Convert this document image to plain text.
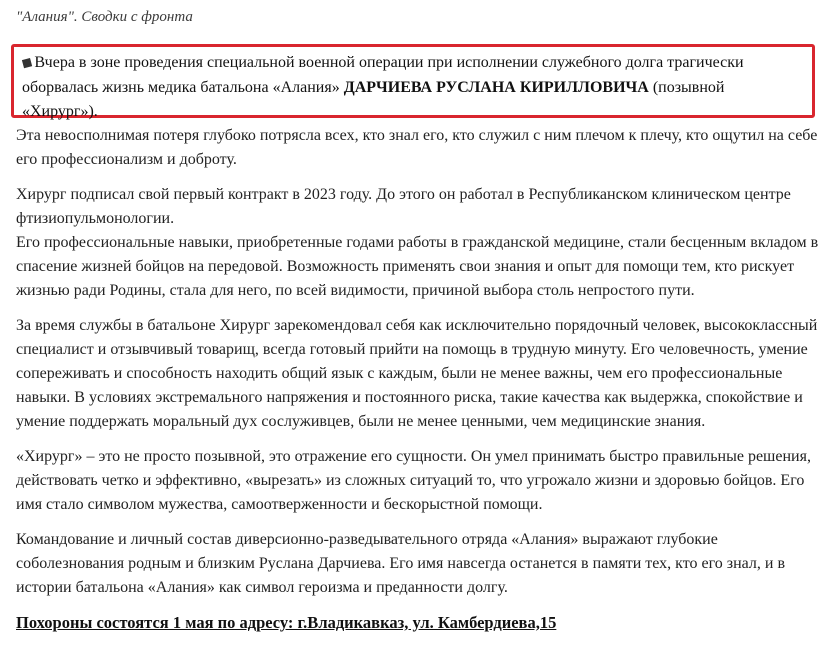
"Алания". Сводки с фронта
■Вчера в зоне проведения специальной военной операции при исполнении служебного долга трагически оборвалась жизнь медика батальона «Алания» ДАРЧИЕВА РУСЛАНА КИРИЛЛОВИЧА (позывной «Хирург»).

Эта невосполнимая потеря глубоко потрясла всех, кто знал его, кто служил с ним плечом к плечу, кто ощутил на себе его профессионализм и доброту.

Хирург подписал свой первый контракт в 2023 году. До этого он работал в Республиканском клиническом центре фтизиопульмонологии.

Его профессиональные навыки, приобретенные годами работы в гражданской медицине, стали бесценным вкладом в спасение жизней бойцов на передовой. Возможность применять свои знания и опыт для помощи тем, кто рискует жизнью ради Родины, стала для него, по всей видимости, причиной выбора столь непростого пути.

За время службы в батальоне Хирург зарекомендовал себя как исключительно порядочный человек, высококлассный специалист и отзывчивый товарищ, всегда готовый прийти на помощь в трудную минуту. Его человечность, умение сопереживать и способность находить общий язык с каждым, были не менее важны, чем его профессиональные навыки. В условиях экстремального напряжения и постоянного риска, такие качества как выдержка, спокойствие и умение поддержать моральный дух сослуживцев, были не менее ценными, чем медицинские знания.

«Хирург» – это не просто позывной, это отражение его сущности. Он умел принимать быстро правильные решения, действовать четко и эффективно, «вырезать» из сложных ситуаций то, что угрожало жизни и здоровью бойцов. Его имя стало символом мужества, самоотверженности и бескорыстной помощи.

Командование и личный состав диверсионно-разведывательного отряда «Алания» выражают глубокие соболезнования родным и близким Руслана Дарчиева. Его имя навсегда останется в памяти тех, кто его знал, и в истории батальона «Алания» как символ героизма и преданности долгу.

Похороны состоятся 1 мая по адресу: г.Владикавказ, ул. Камбердиева,15
